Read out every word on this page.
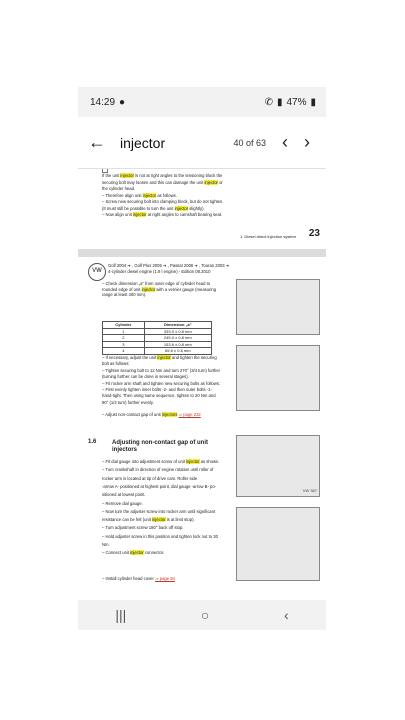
14:29 ●	✆ ▮ 47% ▮
← injector	40 of 63 ‹ ›
If the unit injector is not at right angles to the tensioning block the
securing bolt may loosen and this can damage the unit injector or
the cylinder head.
– Therefore align unit injector as follows.
– Screw new securing bolt into clamping block, but do not tighten.
(It must still be possible to turn the unit injector slightly).
– Now align unit injector at right angles to camshaft bearing seat.
1. Diesel direct injection system 23
VW
Golf 2004 ➜ , Golf Plus 2005 ➜ , Passat 2006 ➜ , Touran 2003 ➜
4-cylinder diesel engine (1.9 l engine) - Edition 08.2010
– Check dimension „a" from outer edge of cylinder head to
rounded edge of unit injector with a vernier gauge (measuring
range at least 400 mm).
Cylinder	Dimension „a"
1	333.0 ± 0.8 mm
2	245.0 ± 0.8 mm
3	153.6 ± 0.8 mm
4	65.6 ± 0.6 mm
VW 387
– If necessary, adjust the unit injector and tighten the securing
bolt as follows:
– Tighten securing bolt to 12 Nm and turn 270° (3/4 turn) further
(turning further can be done in several stages).
– Fit rocker arm shaft and tighten new securing bolts as follows:
– First evenly tighten inner bolts -2- and then outer bolts -1-
hand-tight. Then using same sequence, tighten to 20 Nm and
90° (1/4 turn) further evenly.
– Adjust non-contact gap of unit injectors ⇒ page 232
1.6	Adjusting non-contact gap of unit injectors
– Fit dial gauge into adjustment screw of unit injector as shown.
– Turn crankshaft in direction of engine rotation until roller of
rocker arm is located at tip of drive cam. Roller side
-arrow A- positioned at highest point, dial gauge -arrow B- po-
sitioned at lowest point.
– Remove dial gauge.
– Now turn the adjuster screw into rocker arm until significant
resistance can be felt (unit injector is at limit stop).
– Turn adjustment screw 180° back off stop.
– Hold adjuster screw in this position and tighten lock nut to 30
Nm.
– Connect unit injector connector.
– Install cylinder head cover ⇒ page 84
|||	○	‹
